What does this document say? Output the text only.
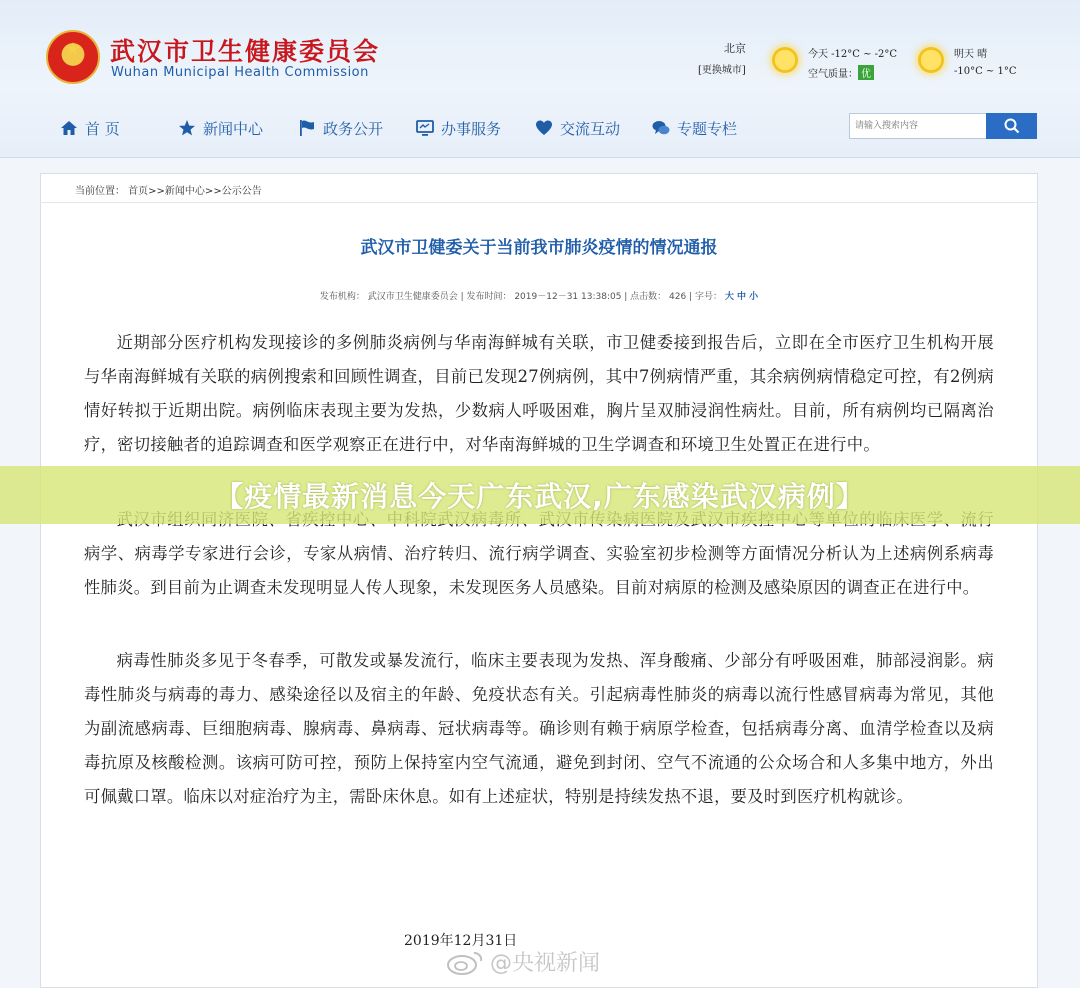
武汉市卫生健康委员会
Wuhan Municipal Health Commission
北京
[更换城市]
今天 -12°C ~ -2°C
空气质量： 优
明天 晴
-10°C ~ 1°C
首 页	新闻中心	政务公开	办事服务	交流互动	专题专栏
请输入搜索内容
当前位置： 首页>>新闻中心>>公示公告
武汉市卫健委关于当前我市肺炎疫情的情况通报
发布机构： 武汉市卫生健康委员会 | 发布时间： 2019－12－31 13:38:05 | 点击数： 426 | 字号： 大 中 小
近期部分医疗机构发现接诊的多例肺炎病例与华南海鲜城有关联，市卫健委接到报告后，立即在全市医疗卫生机构开展与华南海鲜城有关联的病例搜索和回顾性调查，目前已发现27例病例，其中7例病情严重，其余病例病情稳定可控，有2例病情好转拟于近期出院。病例临床表现主要为发热，少数病人呼吸困难，胸片呈双肺浸润性病灶。目前，所有病例均已隔离治疗，密切接触者的追踪调查和医学观察正在进行中，对华南海鲜城的卫生学调查和环境卫生处置正在进行中。
病学、病毒学专家进行会诊，专家从病情、治疗转归、流行病学调查、实验室初步检测等方面情况分析认为上述病例系病毒性肺炎。到目前为止调查未发现明显人传人现象，未发现医务人员感染。目前对病原的检测及感染原因的调查正在进行中。
病毒性肺炎多见于冬春季，可散发或暴发流行，临床主要表现为发热、浑身酸痛、少部分有呼吸困难，肺部浸润影。病毒性肺炎与病毒的毒力、感染途径以及宿主的年龄、免疫状态有关。引起病毒性肺炎的病毒以流行性感冒病毒为常见，其他为副流感病毒、巨细胞病毒、腺病毒、鼻病毒、冠状病毒等。确诊则有赖于病原学检查，包括病毒分离、血清学检查以及病毒抗原及核酸检测。该病可防可控，预防上保持室内空气流通，避免到封闭、空气不流通的公众场合和人多集中地方，外出可佩戴口罩。临床以对症治疗为主，需卧床休息。如有上述症状，特别是持续发热不退，要及时到医疗机构就诊。
2019年12月31日
@央视新闻
【疫情最新消息今天广东武汉,广东感染武汉病例】
